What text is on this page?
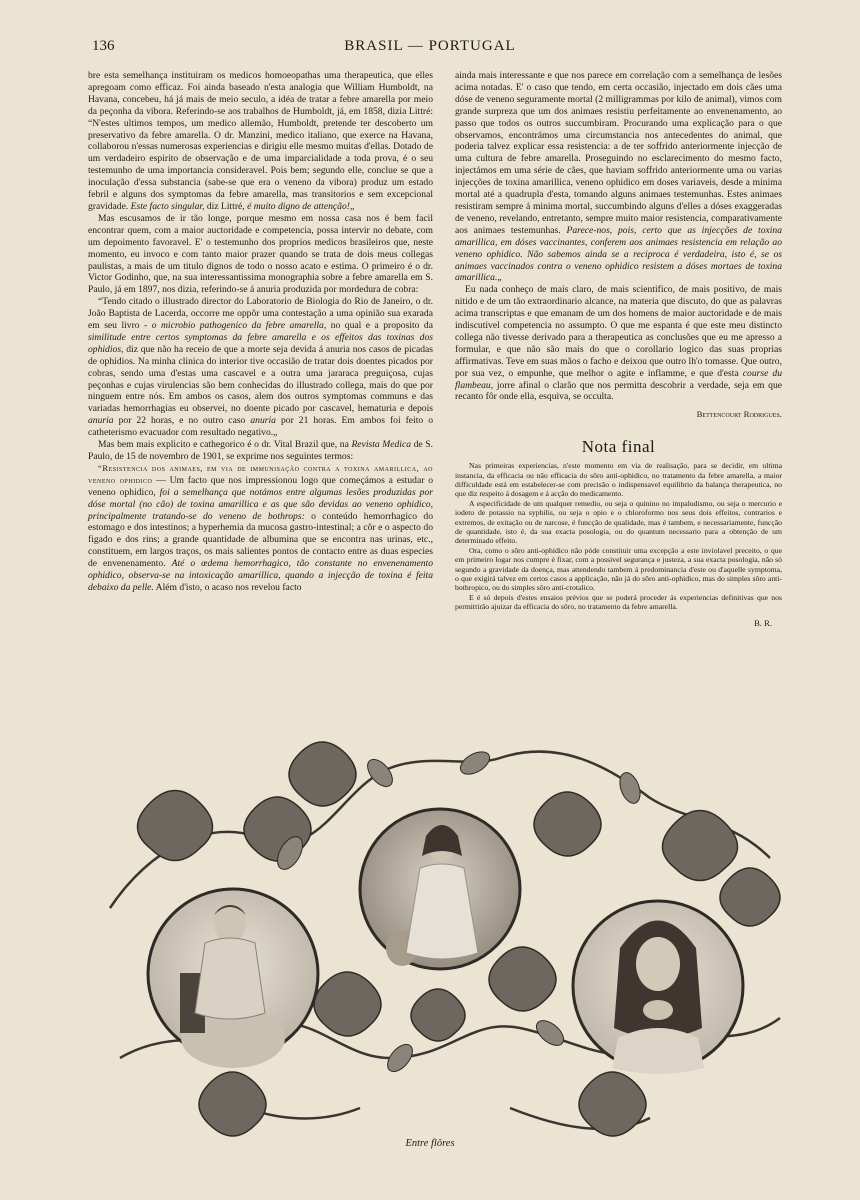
136	BRASIL — PORTUGAL

bre esta semelhança instituiram os medicos homoeopathas uma therapeutica, que elles apregoam como efficaz. Foi ainda baseado n'esta analogia que William Humboldt, na Havana, concebeu, há já mais de meio seculo, a idéa de tratar a febre amarella por meio da peçonha da vibora. Referindo-se aos trabalhos de Humboldt, já, em 1858, dizia Littré: “N'estes ultimos tempos, um medico allemão, Humboldt, pretende ter descoberto um preservativo da febre amarella. O dr. Manzini, medico italiano, que exerce na Havana, collaborou n'essas numerosas experiencias e dirigiu elle mesmo muitas d'ellas. Dotado de um verdadeiro espirito de observação e de uma imparcialidade a toda prova, é o seu testemunho de uma importancia consideravel. Pois bem; segundo elle, conclue se que a inoculação d'essa substancia (sabe-se que era o veneno da vibora) produz um estado febril e alguns dos symptomas da febre amarella, mas transitorios e sem excepcional gravidade. Este facto singular, diz Littré, é muito digno de attenção!„

Mas escusamos de ir tão longe, porque mesmo em nossa casa nos é bem facil encontrar quem, com a maior auctoridade e competencia, possa intervir no debate, com um depoimento favoravel. E' o testemunho dos proprios medicos brasileiros que, neste momento, eu invoco e com tanto maior prazer quando se trata de dois meus collegas paulistas, a mais de um titulo dignos de todo o nosso acato e estima. O primeiro é o dr. Victor Godinho, que, na sua interessantissima monographia sobre a febre amarella em S. Paulo, já em 1897, nos dizia, referindo-se á anuria produzida por mordedura de cobra:

“Tendo citado o illustrado director do Laboratorio de Biologia do Rio de Janeiro, o dr. João Baptista de Lacerda, occorre me oppôr uma contestação a uma opinião sua exarada em seu livro - o microbio pathogenico da febre amarella, no qual e a proposito da similitude entre certos symptomas da febre amarella e os effeitos das toxinas dos ophidios, diz que não ha receio de que a morte seja devida á anuria nos casos de picadas de ophidios. Na minha clinica do interior tive occasião de tratar dois doentes picados por cobras, sendo uma d'estas uma cascavel e a outra uma jararaca preguiçosa, cujas peçonhas e cujas virulencias são bem conhecidas do illustrado collega, mais do que por ninguem entre nós. Em ambos os casos, alem dos outros symptomas communs e das variadas hemorrhagias eu observei, no doente picado por cascavel, hematuria e depois anuria por 22 horas, e no outro caso anuria por 21 horas. Em ambos foi feito o catheterismo evacuador com resultado negativo.„

Mas bem mais explicito e cathegorico é o dr. Vital Brazil que, na Revista Medica de S. Paulo, de 15 de novembro de 1901, se exprime nos seguintes termos:

“Resistencia dos animaes, em via de immunisação contra a toxina amarillica, ao veneno ophidico — Um facto que nos impressionou logo que começámos a estudar o veneno ophidico, foi a semelhança que notámos entre algumas lesões produzidas por dóse mortal (no cão) de toxina amarillica e as que são devidas ao veneno ophidico, principalmente tratando-se do veneno de bothrops: o conteúdo hemorrhagico do estomago e dos intestinos; a hyperhemia da mucosa gastro-intestinal; a côr e o aspecto do figado e dos rins; a grande quantidade de albumina que se encontra nas urinas, etc., constituem, em largos traços, os mais salientes pontos de contacto entre as duas especies de envenenamento. Até o œdema hemorrhagico, tão constante no envenenamento ophidico, observa-se na intoxicação amarillica, quando a injecção de toxina é feita debaixo da pelle. Além d'isto, o acaso nos revelou facto

ainda mais interessante e que nos parece em correlação com a semelhança de lesões acima notadas. E' o caso que tendo, em certa occasião, injectado em dois cães uma dóse de veneno seguramente mortal (2 milligrammas por kilo de animal), vimos com grande surpreza que um dos animaes resistiu perfeitamente ao envenenamento, ao passo que todos os outros succumbiram. Procurando uma explicação para o que observamos, encontrámos uma circumstancia nos antecedentes do animal, que poderia talvez explicar essa resistencia: a de ter soffrido anteriormente injecção de uma cultura de febre amarella. Proseguindo no esclarecimento do mesmo facto, injectámos em uma série de cães, que haviam soffrido anteriormente uma ou varias injecções de toxina amarillica, veneno ophidico em doses variaveis, desde a minima mortal até a quadrupla d'esta, tomando alguns animaes testemunhas. Estes animaes resistiram sempre á minima mortal, succumbindo alguns d'elles a dóses exaggeradas de veneno, revelando, entretanto, sempre muito maior resistencia, comparativamente aos animaes testemunhas. Parece-nos, pois, certo que as injecções de toxina amarillica, em dóses vaccinantes, conferem aos animaes resistencia em relação ao veneno ophidico. Não sabemos ainda se a reciproca é verdadeira, isto é, se os animaes vaccinados contra o veneno ophidico resistem a dóses mortaes de toxina amarillica.„

Eu nada conheço de mais claro, de mais scientifico, de mais positivo, de mais nitido e de um tão extraordinario alcance, na materia que discuto, do que as palavras acima transcriptas e que emanam de um dos homens de maior auctoridade e de mais indiscutivel competencia no assumpto. O que me espanta é que este meu distincto collega não tivesse derivado para a therapeutica as conclusões que eu me apresso a formular, e que não são mais do que o corollario logico das suas proprias affirmativas. Teve em suas mãos o facho e deixou que outro lh'o tomasse. Que outro, por sua vez, o empunhe, que melhor o agite e inflamme, e que d'esta course du flambeau, jorre afinal o clarão que nos permitta descobrir a verdade, seja em que recanto fôr onde ella, esquiva, se occulta.

Bettencourt Rodrigues.
Nota final

Nas primeiras experiencias, n'este momento em via de realisação, para se decidir, em ultima instancia, da efficacia ou não efficacia do sôro anti-ophidico, no tratamento da febre amarella, a maior difficuldade está em estabelecer-se com precisão o indispensavel equilibrio da balança therapeutica, no que diz respeito á dosagem e á acção do medicamento.

A especificidade de um qualquer remedio, ou seja o quinino no impaludismo, ou seja o mercurio e iodeto de potassio na syphilis, ou seja o opio e o chloroformo nos seus dois effeitos, contrarios e extremos, de exitação ou de narcose, é funcção de qualidade, mas é tambem, e necessariamente, funcção de quantidade, isto é, da sua exacta posologia, ou do quantum necessario para a obtenção de um determinado effeito.

Ora, como o sôro anti-ophidico não póde constituir uma excepção a este inviolavel preceito, o que em primeiro logar nos cumpre é fixar, com a possivel segurança e justeza, a sua exacta posologia, não só segundo a gravidade da doença, mas attendendo tambem á predominancia d'este ou d'aquelle symptoma, o que exigirá talvez em certos casos a applicação, não já do sôro anti-ophidico, mas do simples sôro anti-bothropico, ou do simples sôro anti-crotalico.

E é só depois d'estes ensaios prévios que se poderá proceder ás experiencias definitivas que nos permittirão ajuizar da efficacia do sôro, no tratamento da febre amarella.

B. R.
Entre flôres
